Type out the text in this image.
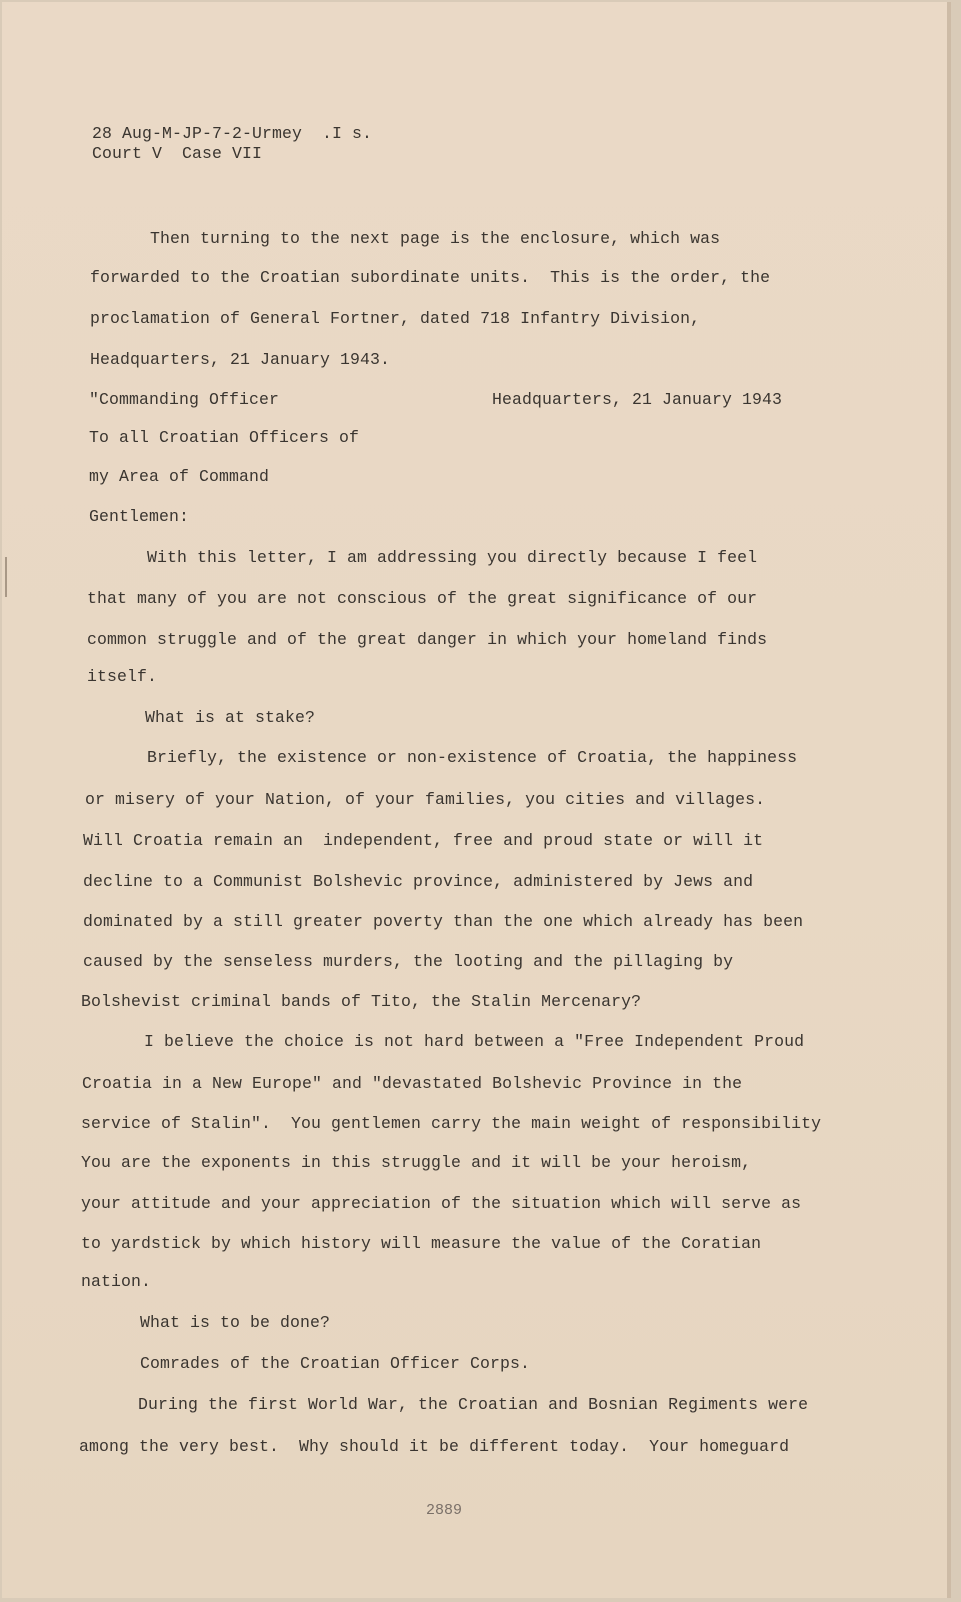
28 Aug-M-JP-7-2-Urmey  .I s.
Court V  Case VII
Then turning to the next page is the enclosure, which was
forwarded to the Croatian subordinate units.  This is the order, the
proclamation of General Fortner, dated 718 Infantry Division,
Headquarters, 21 January 1943.
"Commanding Officer	Headquarters, 21 January 1943
To all Croatian Officers of
my Area of Command
Gentlemen:
With this letter, I am addressing you directly because I feel
that many of you are not conscious of the great significance of our
common struggle and of the great danger in which your homeland finds
itself.
What is at stake?
Briefly, the existence or non-existence of Croatia, the happiness
or misery of your Nation, of your families, you cities and villages.
Will Croatia remain an  independent, free and proud state or will it
decline to a Communist Bolshevic province, administered by Jews and
dominated by a still greater poverty than the one which already has been
caused by the senseless murders, the looting and the pillaging by
Bolshevist criminal bands of Tito, the Stalin Mercenary?
I believe the choice is not hard between a "Free Independent Proud
Croatia in a New Europe" and "devastated Bolshevic Province in the
service of Stalin".  You gentlemen carry the main weight of responsibility
You are the exponents in this struggle and it will be your heroism,
your attitude and your appreciation of the situation which will serve as
to yardstick by which history will measure the value of the Coratian
nation.
What is to be done?
Comrades of the Croatian Officer Corps.
During the first World War, the Croatian and Bosnian Regiments were
among the very best.  Why should it be different today.  Your homeguard
2889
